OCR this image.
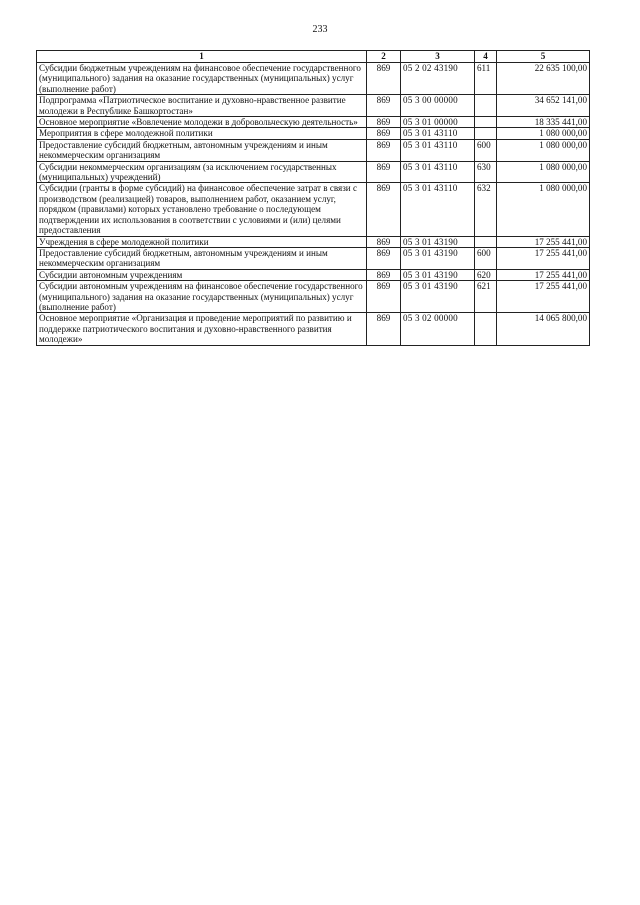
233
1	2	3	4	5
Субсидии бюджетным учреждениям на финансовое обеспечение государственного (муниципального) задания на оказание государственных (муниципальных) услуг (выполнение работ)	869	05 2 02 43190	611	22 635 100,00
Подпрограмма «Патриотическое воспитание и духовно-нравственное развитие молодежи в Республике Башкортостан»	869	05 3 00 00000		34 652 141,00
Основное мероприятие «Вовлечение молодежи в добровольческую деятельность»	869	05 3 01 00000		18 335 441,00
Мероприятия в сфере молодежной политики	869	05 3 01 43110		1 080 000,00
Предоставление субсидий бюджетным, автономным учреждениям и иным некоммерческим организациям	869	05 3 01 43110	600	1 080 000,00
Субсидии некоммерческим организациям (за исключением государственных (муниципальных) учреждений)	869	05 3 01 43110	630	1 080 000,00
Субсидии (гранты в форме субсидий) на финансовое обеспечение затрат в связи с производством (реализацией) товаров, выполнением работ, оказанием услуг, порядком (правилами) которых установлено требование о последующем подтверждении их использования в соответствии с условиями и (или) целями предоставления	869	05 3 01 43110	632	1 080 000,00
Учреждения в сфере молодежной политики	869	05 3 01 43190		17 255 441,00
Предоставление субсидий бюджетным, автономным учреждениям и иным некоммерческим организациям	869	05 3 01 43190	600	17 255 441,00
Субсидии автономным учреждениям	869	05 3 01 43190	620	17 255 441,00
Субсидии автономным учреждениям на финансовое обеспечение государственного (муниципального) задания на оказание государственных (муниципальных) услуг (выполнение работ)	869	05 3 01 43190	621	17 255 441,00
Основное мероприятие «Организация и проведение мероприятий по развитию и поддержке патриотического воспитания и духовно-нравственного развития молодежи»	869	05 3 02 00000		14 065 800,00
